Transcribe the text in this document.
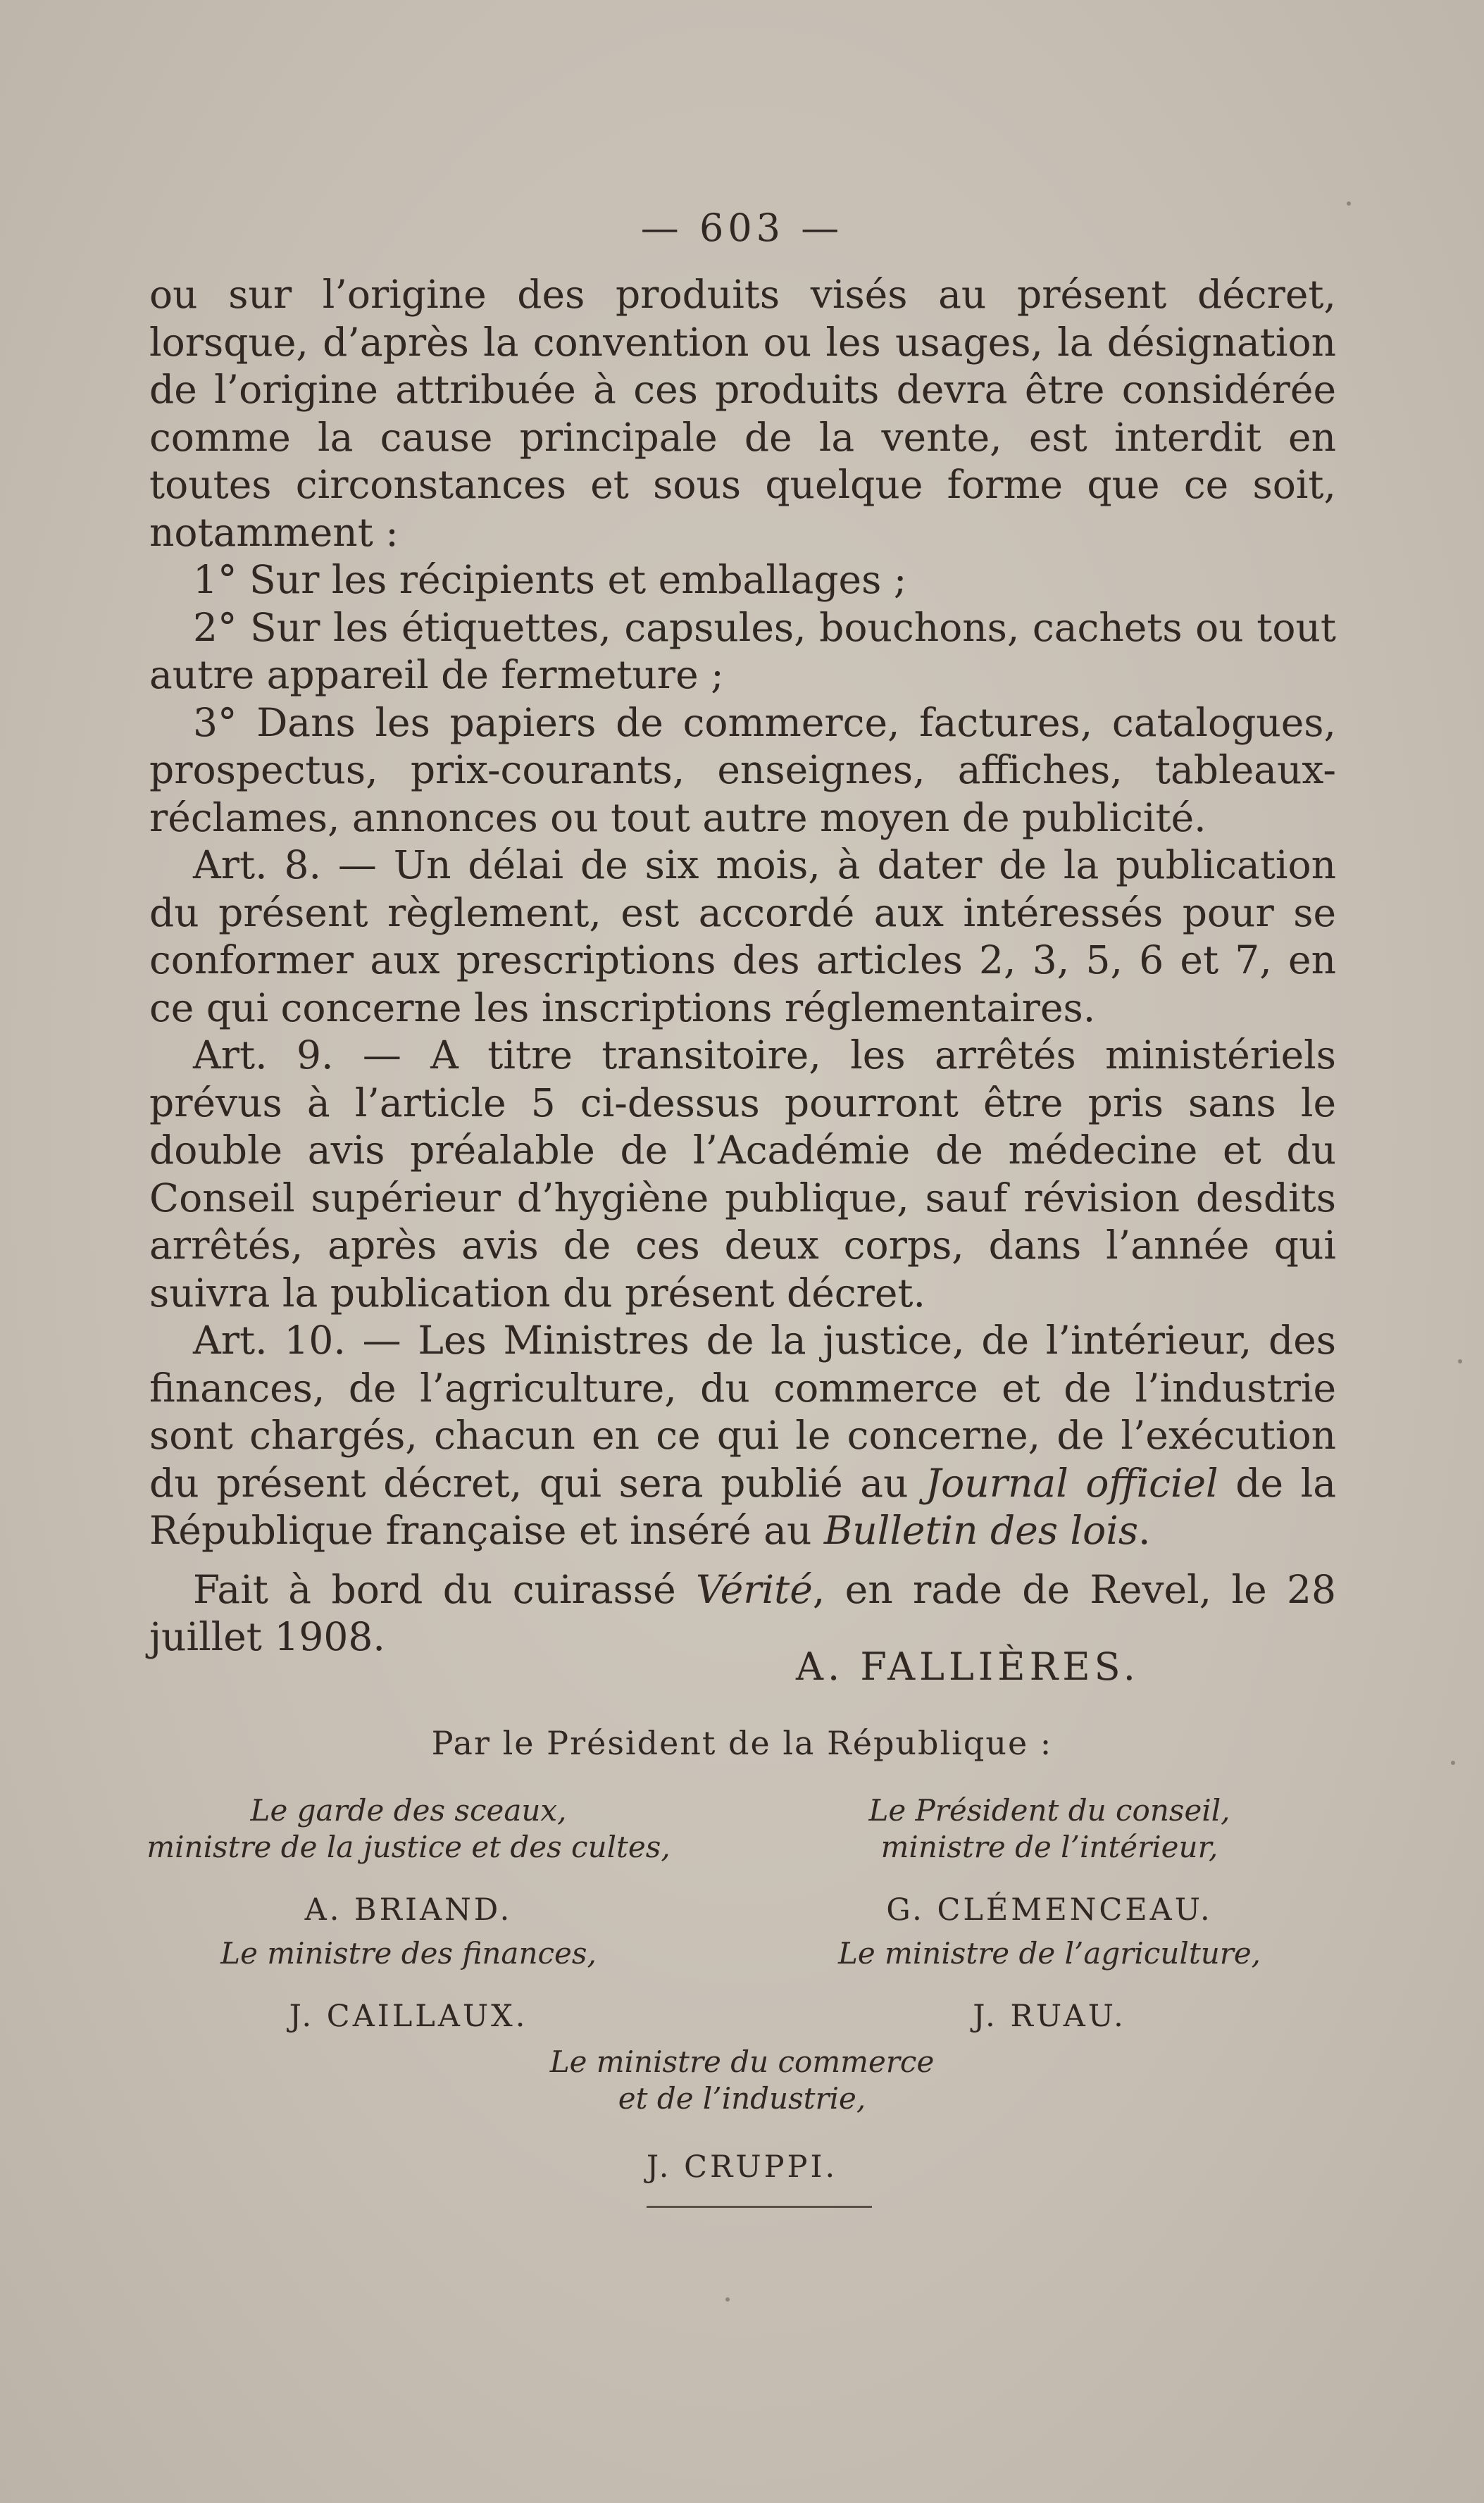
— 603 —

ou sur l’origine des produits visés au présent décret, lorsque, d’après la convention ou les usages, la désignation de l’origine attribuée à ces produits devra être considérée comme la cause principale de la vente, est interdit en toutes circonstances et sous quelque forme que ce soit, notamment :

1° Sur les récipients et emballages ;

2° Sur les étiquettes, capsules, bouchons, cachets ou tout autre appareil de fermeture ;

3° Dans les papiers de commerce, factures, catalogues, prospectus, prix-courants, enseignes, affiches, tableaux-réclames, annonces ou tout autre moyen de publicité.

Art. 8. — Un délai de six mois, à dater de la publication du présent règlement, est accordé aux intéressés pour se conformer aux prescriptions des articles 2, 3, 5, 6 et 7, en ce qui concerne les inscriptions réglementaires.

Art. 9. — A titre transitoire, les arrêtés ministériels prévus à l’article 5 ci-dessus pourront être pris sans le double avis préalable de l’Académie de médecine et du Conseil supérieur d’hygiène publique, sauf révision desdits arrêtés, après avis de ces deux corps, dans l’année qui suivra la publication du présent décret.

Art. 10. — Les Ministres de la justice, de l’intérieur, des finances, de l’agriculture, du commerce et de l’industrie sont chargés, chacun en ce qui le concerne, de l’exécution du présent décret, qui sera publié au Journal officiel de la République française et inséré au Bulletin des lois.

Fait à bord du cuirassé Vérité, en rade de Revel, le 28 juillet 1908.

A. FALLIÈRES.
Par le Président de la République :
Le garde des sceaux,
ministre de la justice et des cultes,
A. BRIAND.
Le Président du conseil,
ministre de l’intérieur,
G. CLÉMENCEAU.
Le ministre des finances,
J. CAILLAUX.
Le ministre de l’agriculture,
J. RUAU.
Le ministre du commerce
et de l’industrie,
J. CRUPPI.
